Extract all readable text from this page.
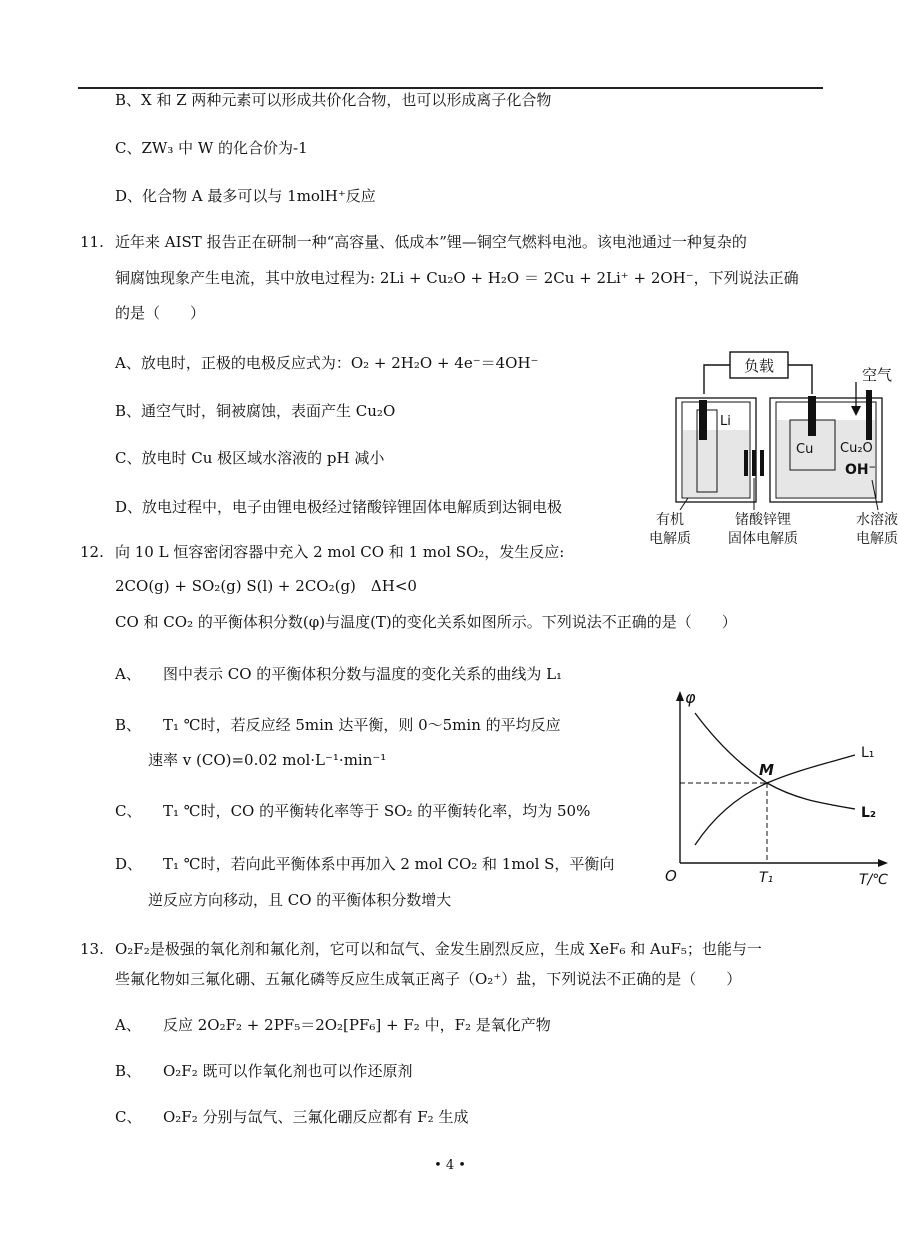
B、X 和 Z 两种元素可以形成共价化合物，也可以形成离子化合物
C、ZW₃ 中 W 的化合价为-1
D、化合物 A 最多可以与 1molH⁺反应
11. 近年来 AIST 报告正在研制一种“高容量、低成本”锂—铜空气燃料电池。该电池通过一种复杂的
铜腐蚀现象产生电流，其中放电过程为: 2Li + Cu₂O + H₂O ＝ 2Cu + 2Li⁺ + 2OH⁻，下列说法正确
的是（　　）
A、放电时，正极的电极反应式为：O₂ + 2H₂O + 4e⁻＝4OH⁻
B、通空气时，铜被腐蚀，表面产生 Cu₂O
C、放电时 Cu 极区域水溶液的 pH 减小
D、放电过程中，电子由锂电极经过锗酸锌锂固体电解质到达铜电极
负载
Li
Cu Cu₂O
OH⁻
空气
有机
电解质
锗酸锌锂
固体电解质
水溶液
电解质
12. 向 10 L 恒容密闭容器中充入 2 mol CO 和 1 mol SO₂，发生反应:
2CO(g) + SO₂(g) S(l) + 2CO₂(g)　ΔH<0
CO 和 CO₂ 的平衡体积分数(φ)与温度(T)的变化关系如图所示。下列说法不正确的是（　　）
A、 图中表示 CO 的平衡体积分数与温度的变化关系的曲线为 L₁
B、 T₁ ℃时，若反应经 5min 达平衡，则 0～5min 的平均反应
速率 v (CO)=0.02 mol·L⁻¹·min⁻¹
C、 T₁ ℃时，CO 的平衡转化率等于 SO₂ 的平衡转化率，均为 50%
D、 T₁ ℃时，若向此平衡体系中再加入 2 mol CO₂ 和 1mol S，平衡向
逆反应方向移动，且 CO 的平衡体积分数增大
φ
O
M
L₁
L₂
T₁	T/℃
13. O₂F₂是极强的氧化剂和氟化剂，它可以和氙气、金发生剧烈反应，生成 XeF₆ 和 AuF₅；也能与一
些氟化物如三氟化硼、五氟化磷等反应生成氧正离子（O₂⁺）盐，下列说法不正确的是（　　）
A、 反应 2O₂F₂ + 2PF₅＝2O₂[PF₆] + F₂ 中，F₂ 是氧化产物
B、 O₂F₂ 既可以作氧化剂也可以作还原剂
C、 O₂F₂ 分别与氙气、三氟化硼反应都有 F₂ 生成
• 4 •
